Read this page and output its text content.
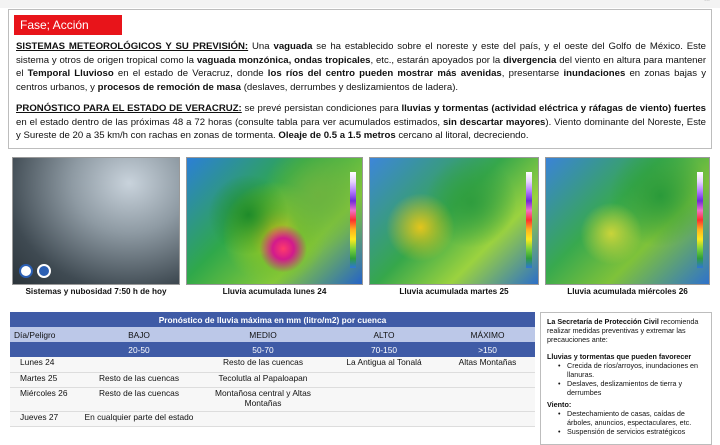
Fase; Acción

SISTEMAS METEOROLÓGICOS Y SU PREVISIÓN: Una vaguada se ha establecido sobre el noreste y este del país, y el oeste del Golfo de México. Este sistema y otros de origen tropical como la vaguada monzónica, ondas tropicales, etc., estarán apoyados por la divergencia del viento en altura para mantener el Temporal Lluvioso en el estado de Veracruz, donde los ríos del centro pueden mostrar más avenidas, presentarse inundaciones en zonas bajas y centros urbanos, y procesos de remoción de masa (deslaves, derrumbes y deslizamientos de ladera).

PRONÓSTICO PARA EL ESTADO DE VERACRUZ: se prevé persistan condiciones para lluvias y tormentas (actividad eléctrica y ráfagas de viento) fuertes en el estado dentro de las próximas 48 a 72 horas (consulte tabla para ver acumulados estimados, sin descartar mayores). Viento dominante del Noreste, Este y Sureste de 20 a 35 km/h con rachas en zonas de tormenta. Oleaje de 0.5 a 1.5 metros cercano al litoral, decreciendo.

Sistemas y nubosidad 7:50 h de hoy	Lluvia acumulada lunes 24	Lluvia acumulada martes 25	Lluvia acumulada miércoles 26
Pronóstico de lluvia máxima en mm (litro/m2) por cuenca				
Día/Peligro	BAJO	MEDIO	ALTO	MÁXIMO
	20-50	50-70	70-150	>150
Lunes 24		Resto de las cuencas	La Antigua al Tonalá	Altas Montañas
Martes 25	Resto de las cuencas	Tecolutla al Papaloapan		
Miércoles 26	Resto de las cuencas	Montañosa central y Altas Montañas		
Jueves 27	En cualquier parte del estado			

La Secretaría de Protección Civil recomienda realizar medidas preventivas y extremar las precauciones ante:

Lluvias y tormentas que pueden favorecer

• Crecida de ríos/arroyos, inundaciones en llanuras.
• Deslaves, deslizamientos de tierra y derrumbes

Viento:

• Destechamiento de casas, caídas de árboles, anuncios, espectaculares, etc.
• Suspensión de servicios estratégicos
